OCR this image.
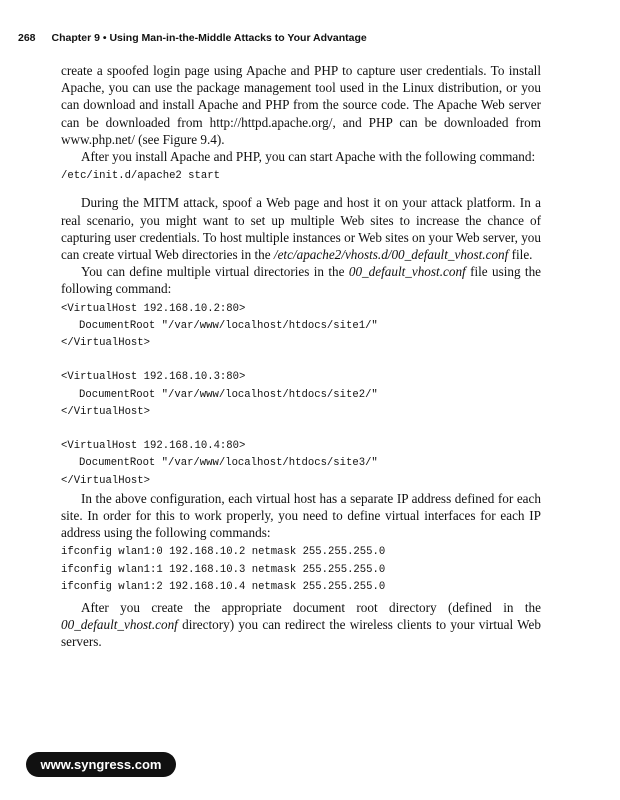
268 Chapter 9 • Using Man-in-the-Middle Attacks to Your Advantage

create a spoofed login page using Apache and PHP to capture user credentials. To install Apache, you can use the package management tool used in the Linux distribution, or you can download and install Apache and PHP from the source code. The Apache Web server can be downloaded from http://httpd.apache.org/, and PHP can be downloaded from www.php.net/ (see Figure 9.4).

After you install Apache and PHP, you can start Apache with the following command:

/etc/init.d/apache2 start

During the MITM attack, spoof a Web page and host it on your attack platform. In a real scenario, you might want to set up multiple Web sites to increase the chance of capturing user credentials. To host multiple instances or Web sites on your Web server, you can create virtual Web directories in the /etc/apache2/vhosts.d/00_default_vhost.conf file.

You can define multiple virtual directories in the 00_default_vhost.conf file using the following command:

<VirtualHost 192.168.10.2:80>
DocumentRoot "/var/www/localhost/htdocs/site1/"
</VirtualHost>
<VirtualHost 192.168.10.3:80>
DocumentRoot "/var/www/localhost/htdocs/site2/"
</VirtualHost>
<VirtualHost 192.168.10.4:80>
DocumentRoot "/var/www/localhost/htdocs/site3/"
</VirtualHost>

In the above configuration, each virtual host has a separate IP address defined for each site. In order for this to work properly, you need to define virtual interfaces for each IP address using the following commands:

ifconfig wlan1:0 192.168.10.2 netmask 255.255.255.0
ifconfig wlan1:1 192.168.10.3 netmask 255.255.255.0
ifconfig wlan1:2 192.168.10.4 netmask 255.255.255.0

After you create the appropriate document root directory (defined in the 00_default_vhost.conf directory) you can redirect the wireless clients to your virtual Web servers.

www.syngress.com
